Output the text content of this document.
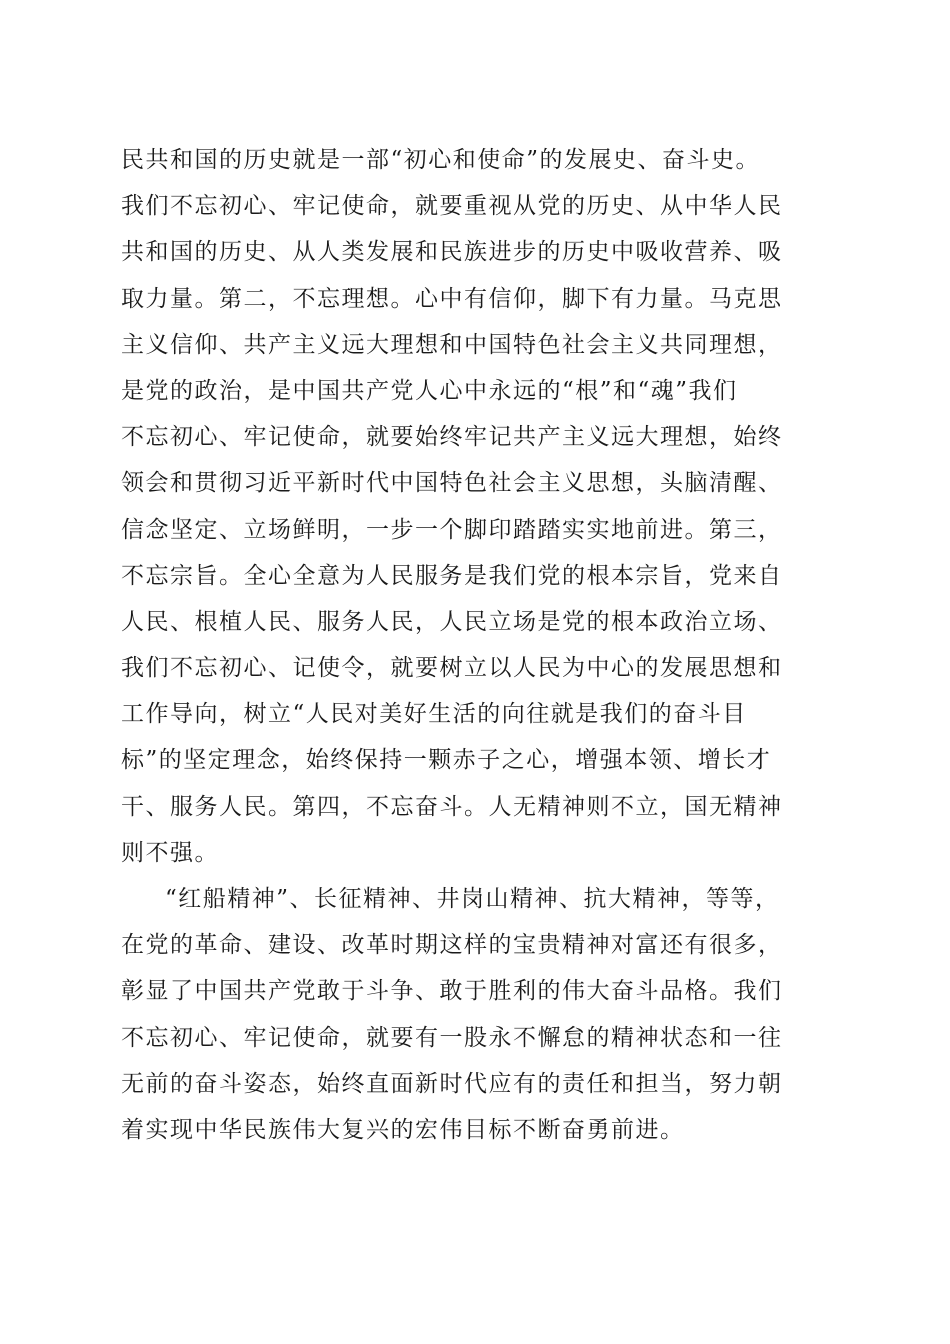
民共和国的历史就是一部“初心和使命”的发展史、奋斗史。
我们不忘初心、牢记使命，就要重视从党的历史、从中华人民
共和国的历史、从人类发展和民族进步的历史中吸收营养、吸
取力量。第二，不忘理想。心中有信仰，脚下有力量。马克思
主义信仰、共产主义远大理想和中国特色社会主义共同理想，
是党的政治，是中国共产党人心中永远的“根”和“魂”我们
不忘初心、牢记使命，就要始终牢记共产主义远大理想，始终
领会和贯彻习近平新时代中国特色社会主义思想，头脑清醒、
信念坚定、立场鲜明，一步一个脚印踏踏实实地前进。第三，
不忘宗旨。全心全意为人民服务是我们党的根本宗旨，党来自
人民、根植人民、服务人民，人民立场是党的根本政治立场、
我们不忘初心、记使令，就要树立以人民为中心的发展思想和
工作导向，树立“人民对美好生活的向往就是我们的奋斗目
标”的坚定理念，始终保持一颗赤子之心，增强本领、增长才
干、服务人民。第四，不忘奋斗。人无精神则不立，国无精神
则不强。
“红船精神”、长征精神、井岗山精神、抗大精神，等等，
在党的革命、建设、改革时期这样的宝贵精神对富还有很多，
彰显了中国共产党敢于斗争、敢于胜利的伟大奋斗品格。我们
不忘初心、牢记使命，就要有一股永不懈怠的精神状态和一往
无前的奋斗姿态，始终直面新时代应有的责任和担当，努力朝
着实现中华民族伟大复兴的宏伟目标不断奋勇前进。
